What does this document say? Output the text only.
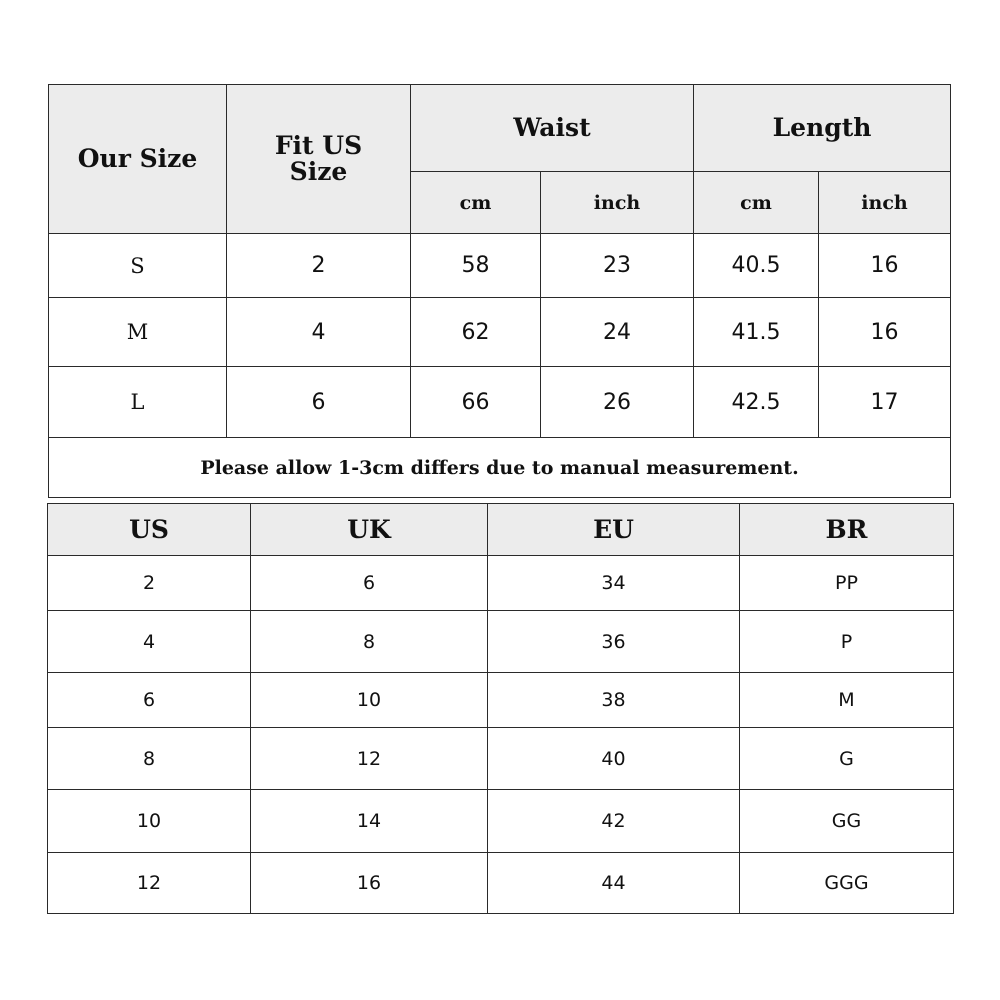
Our Size	Fit US Size	Waist		Length	
		cm	inch	cm	inch
S	2	58	23	40.5	16
M	4	62	24	41.5	16
L	6	66	26	42.5	17
Please allow 1-3cm differs due to manual measurement.					
US	UK	EU	BR
2	6	34	PP
4	8	36	P
6	10	38	M
8	12	40	G
10	14	42	GG
12	16	44	GGG
